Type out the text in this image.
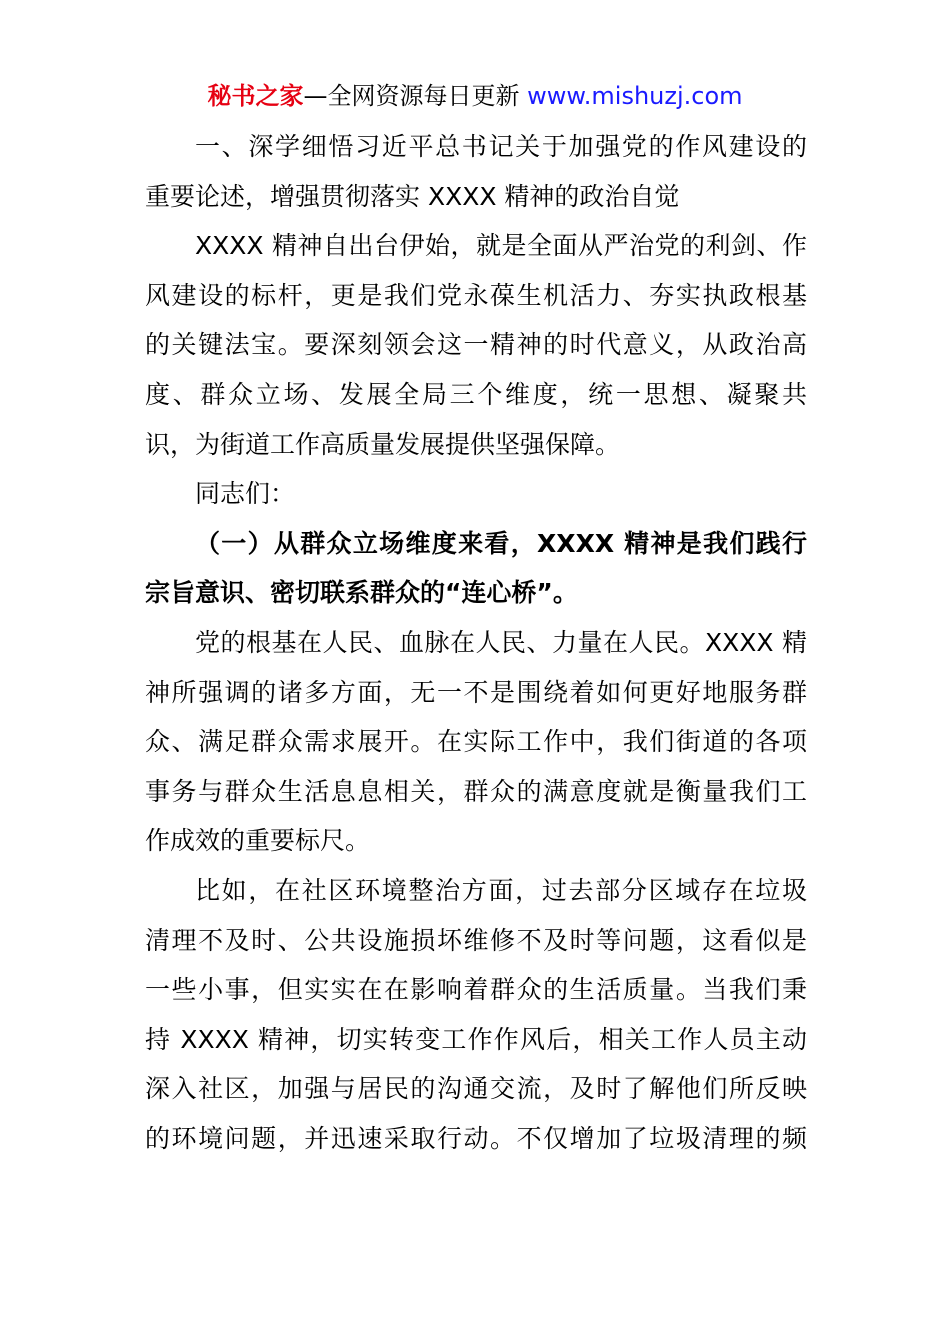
秘书之家—全网资源每日更新 www.mishuzj.com
一、深学细悟习近平总书记关于加强党的作风建设的
重要论述，增强贯彻落实 XXXX 精神的政治自觉
XXXX 精神自出台伊始，就是全面从严治党的利剑、作
风建设的标杆，更是我们党永葆生机活力、夯实执政根基
的关键法宝。要深刻领会这一精神的时代意义，从政治高
度、群众立场、发展全局三个维度，统一思想、凝聚共
识，为街道工作高质量发展提供坚强保障。
同志们：
（一）从群众立场维度来看，XXXX 精神是我们践行
宗旨意识、密切联系群众的“连心桥”。
党的根基在人民、血脉在人民、力量在人民。XXXX 精
神所强调的诸多方面，无一不是围绕着如何更好地服务群
众、满足群众需求展开。在实际工作中，我们街道的各项
事务与群众生活息息相关，群众的满意度就是衡量我们工
作成效的重要标尺。
比如，在社区环境整治方面，过去部分区域存在垃圾
清理不及时、公共设施损坏维修不及时等问题，这看似是
一些小事，但实实在在影响着群众的生活质量。当我们秉
持 XXXX 精神，切实转变工作作风后，相关工作人员主动
深入社区，加强与居民的沟通交流，及时了解他们所反映
的环境问题，并迅速采取行动。不仅增加了垃圾清理的频
